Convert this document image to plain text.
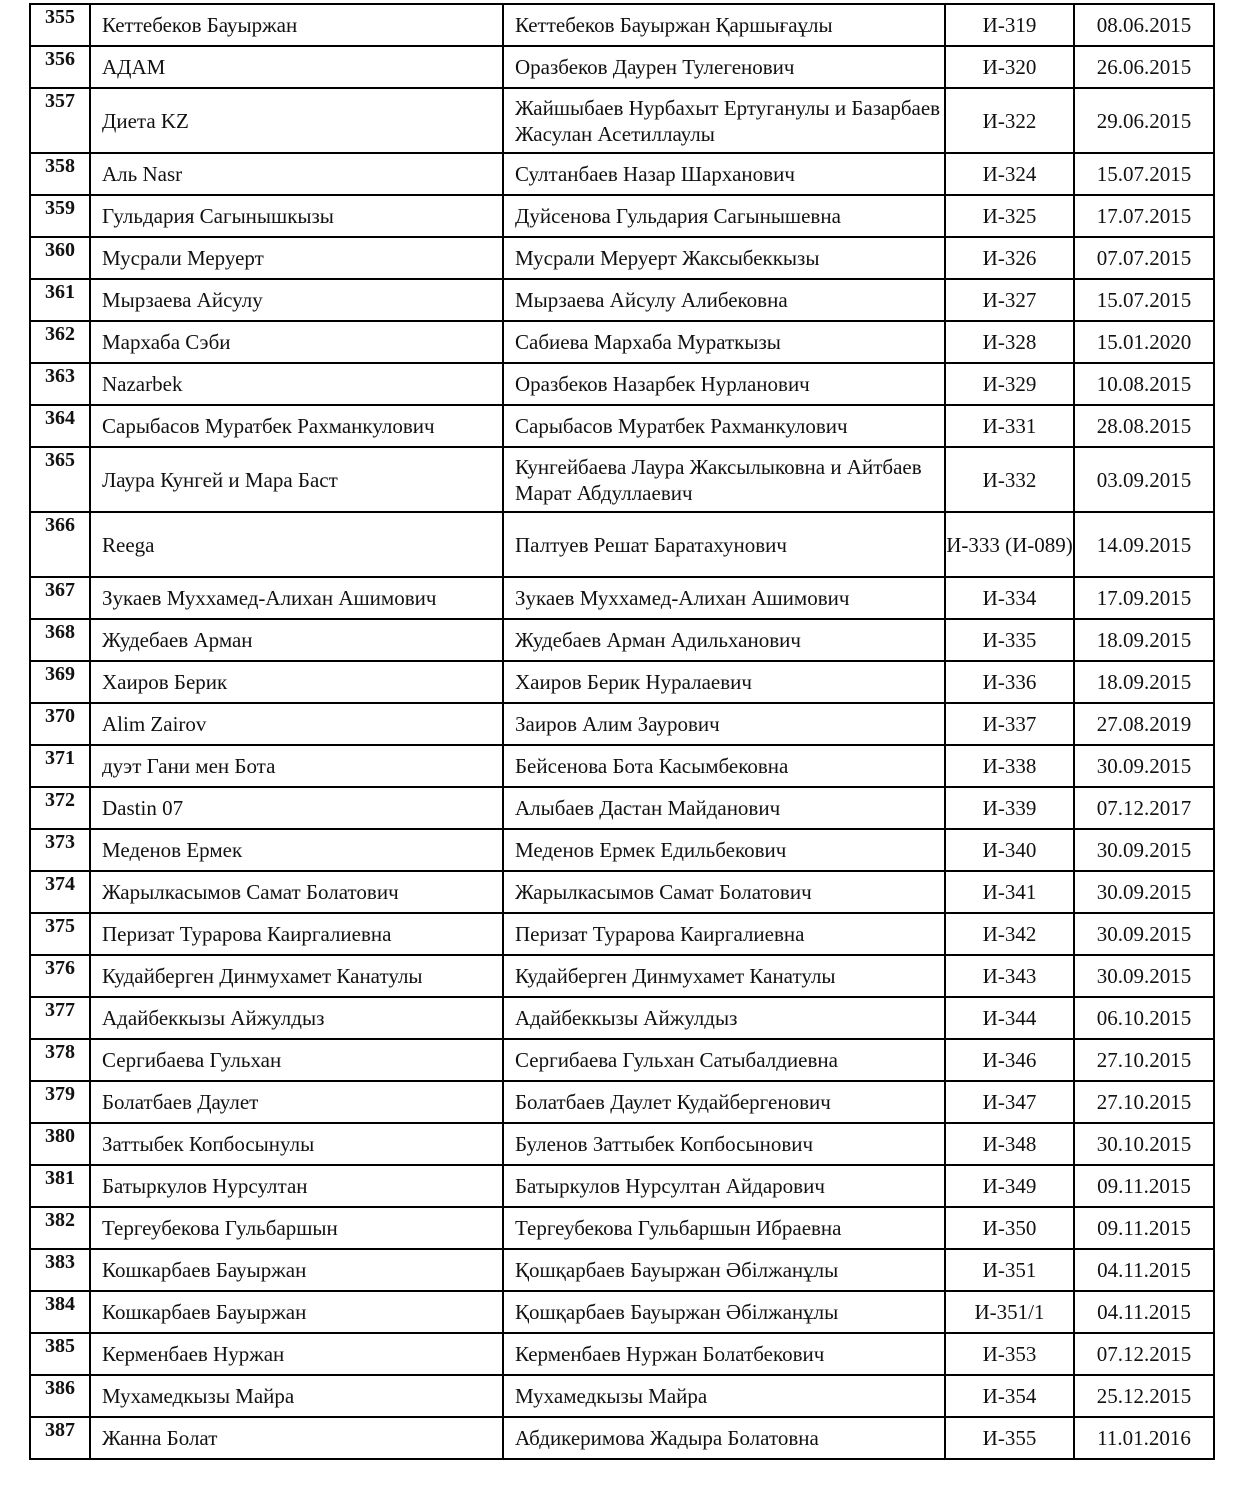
355	Кеттебеков Бауыржан	Кеттебеков Бауыржан Қаршығаұлы	И-319	08.06.2015
356	АДАМ	Оразбеков Даурен Тулегенович	И-320	26.06.2015
357	Диета KZ	Жайшыбаев Нурбахыт Ертуганулы и Базарбаев Жасулан Асетиллаулы	И-322	29.06.2015
358	Аль Nasr	Султанбаев Назар Шарханович	И-324	15.07.2015
359	Гульдария Сагынышкызы	Дуйсенова Гульдария Сагынышевна	И-325	17.07.2015
360	Мусрали Меруерт	Мусрали Меруерт Жаксыбеккызы	И-326	07.07.2015
361	Мырзаева Айсулу	Мырзаева Айсулу Алибековна	И-327	15.07.2015
362	Мархаба Сэби	Сабиева Мархаба Мураткызы	И-328	15.01.2020
363	Nazarbek	Оразбеков Назарбек Нурланович	И-329	10.08.2015
364	Сарыбасов Муратбек Рахманкулович	Сарыбасов Муратбек Рахманкулович	И-331	28.08.2015
365	Лаура Кунгей и Мара Баст	Кунгейбаева Лаура Жаксылыковна и Айтбаев Марат Абдуллаевич	И-332	03.09.2015
366	Reega	Палтуев Решат Баратахунович	И-333 (И-089)	14.09.2015
367	Зукаев Муххамед-Алихан Ашимович	Зукаев Муххамед-Алихан Ашимович	И-334	17.09.2015
368	Жудебаев Арман	Жудебаев Арман Адильханович	И-335	18.09.2015
369	Хаиров Берик	Хаиров Берик Нуралаевич	И-336	18.09.2015
370	Alim Zairov	Заиров Алим Заурович	И-337	27.08.2019
371	дуэт Гани мен Бота	Бейсенова Бота Касымбековна	И-338	30.09.2015
372	Dastin 07	Алыбаев Дастан Майданович	И-339	07.12.2017
373	Меденов Ермек	Меденов Ермек Едильбекович	И-340	30.09.2015
374	Жарылкасымов Самат Болатович	Жарылкасымов Самат Болатович	И-341	30.09.2015
375	Перизат Турарова Каиргалиевна	Перизат Турарова Каиргалиевна	И-342	30.09.2015
376	Кудайберген Динмухамет Канатулы	Кудайберген Динмухамет Канатулы	И-343	30.09.2015
377	Адайбеккызы Айжулдыз	Адайбеккызы Айжулдыз	И-344	06.10.2015
378	Сергибаева Гульхан	Сергибаева Гульхан Сатыбалдиевна	И-346	27.10.2015
379	Болатбаев Даулет	Болатбаев Даулет Кудайбергенович	И-347	27.10.2015
380	Заттыбек Копбосынулы	Буленов Заттыбек Копбосынович	И-348	30.10.2015
381	Батыркулов Нурсултан	Батыркулов Нурсултан Айдарович	И-349	09.11.2015
382	Тергеубекова Гульбаршын	Тергеубекова Гульбаршын Ибраевна	И-350	09.11.2015
383	Кошкарбаев Бауыржан	Қошқарбаев Бауыржан Әбілжанұлы	И-351	04.11.2015
384	Кошкарбаев Бауыржан	Қошқарбаев Бауыржан Әбілжанұлы	И-351/1	04.11.2015
385	Керменбаев Нуржан	Керменбаев Нуржан Болатбекович	И-353	07.12.2015
386	Мухамедкызы Майра	Мухамедкызы Майра	И-354	25.12.2015
387	Жанна Болат	Абдикеримова Жадыра Болатовна	И-355	11.01.2016
